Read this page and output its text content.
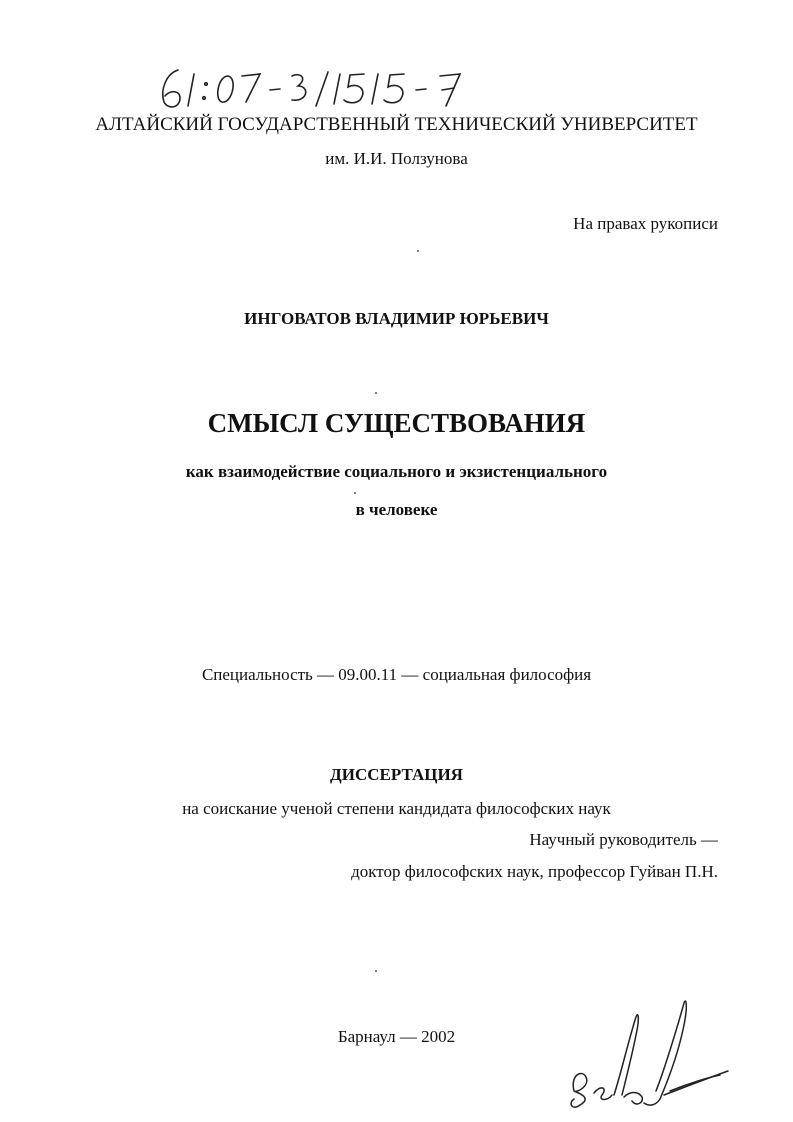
АЛТАЙСКИЙ ГОСУДАРСТВЕННЫЙ ТЕХНИЧЕСКИЙ УНИВЕРСИТЕТ
им. И.И. Ползунова
На правах рукописи
ИНГОВАТОВ ВЛАДИМИР ЮРЬЕВИЧ
СМЫСЛ СУЩЕСТВОВАНИЯ
как взаимодействие социального и экзистенциального
в человеке
Специальность — 09.00.11 — социальная философия
ДИССЕРТАЦИЯ
на соискание ученой степени кандидата философских наук
Научный руководитель —
доктор философских наук, профессор Гуйван П.Н.
Барнаул — 2002
